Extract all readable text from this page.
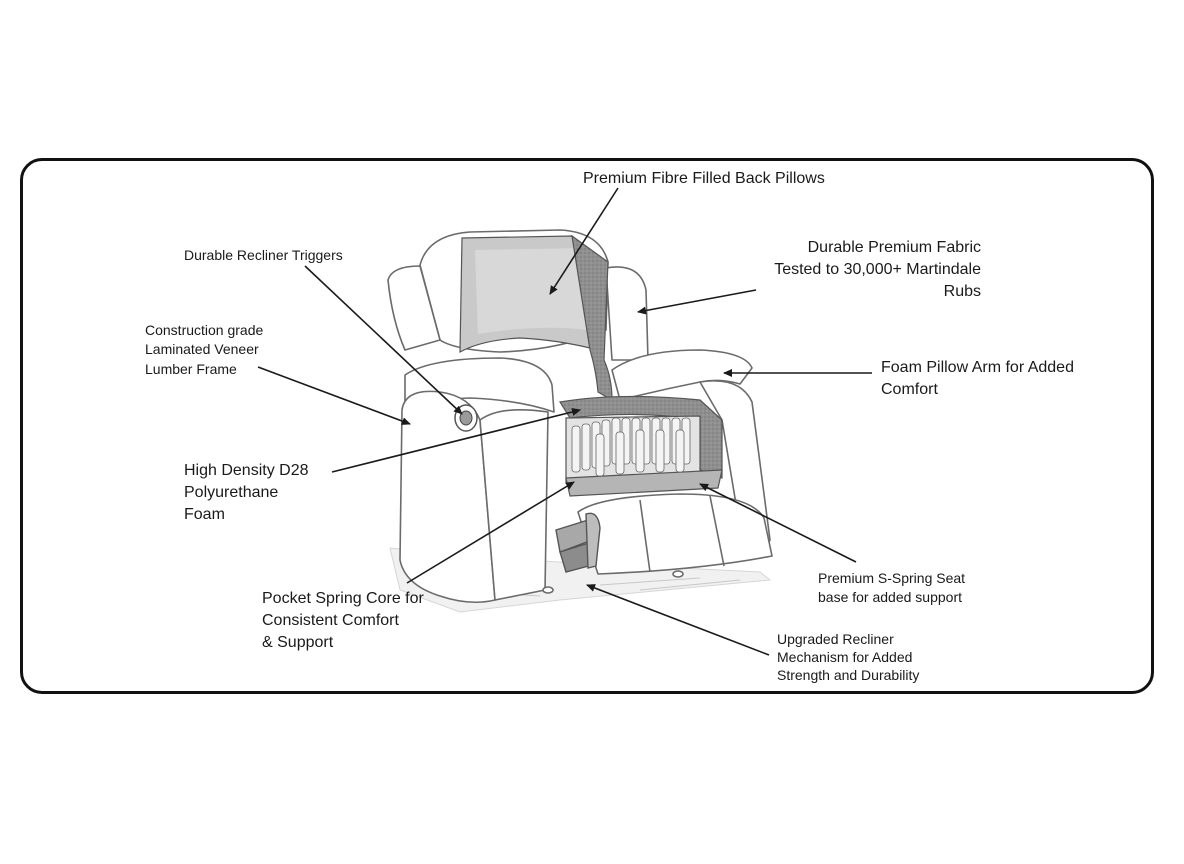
Premium Fibre Filled Back Pillows
Durable Recliner Triggers	Durable Premium Fabric
Tested to 30,000+ Martindale
Rubs
Construction grade
Laminated Veneer
Lumber Frame	Foam Pillow Arm for Added
Comfort
High Density D28
Polyurethane
Foam
Pocket Spring Core for
Consistent Comfort
& Support
Premium S-Spring Seat
base for added support
Upgraded Recliner
Mechanism for Added
Strength and Durability
